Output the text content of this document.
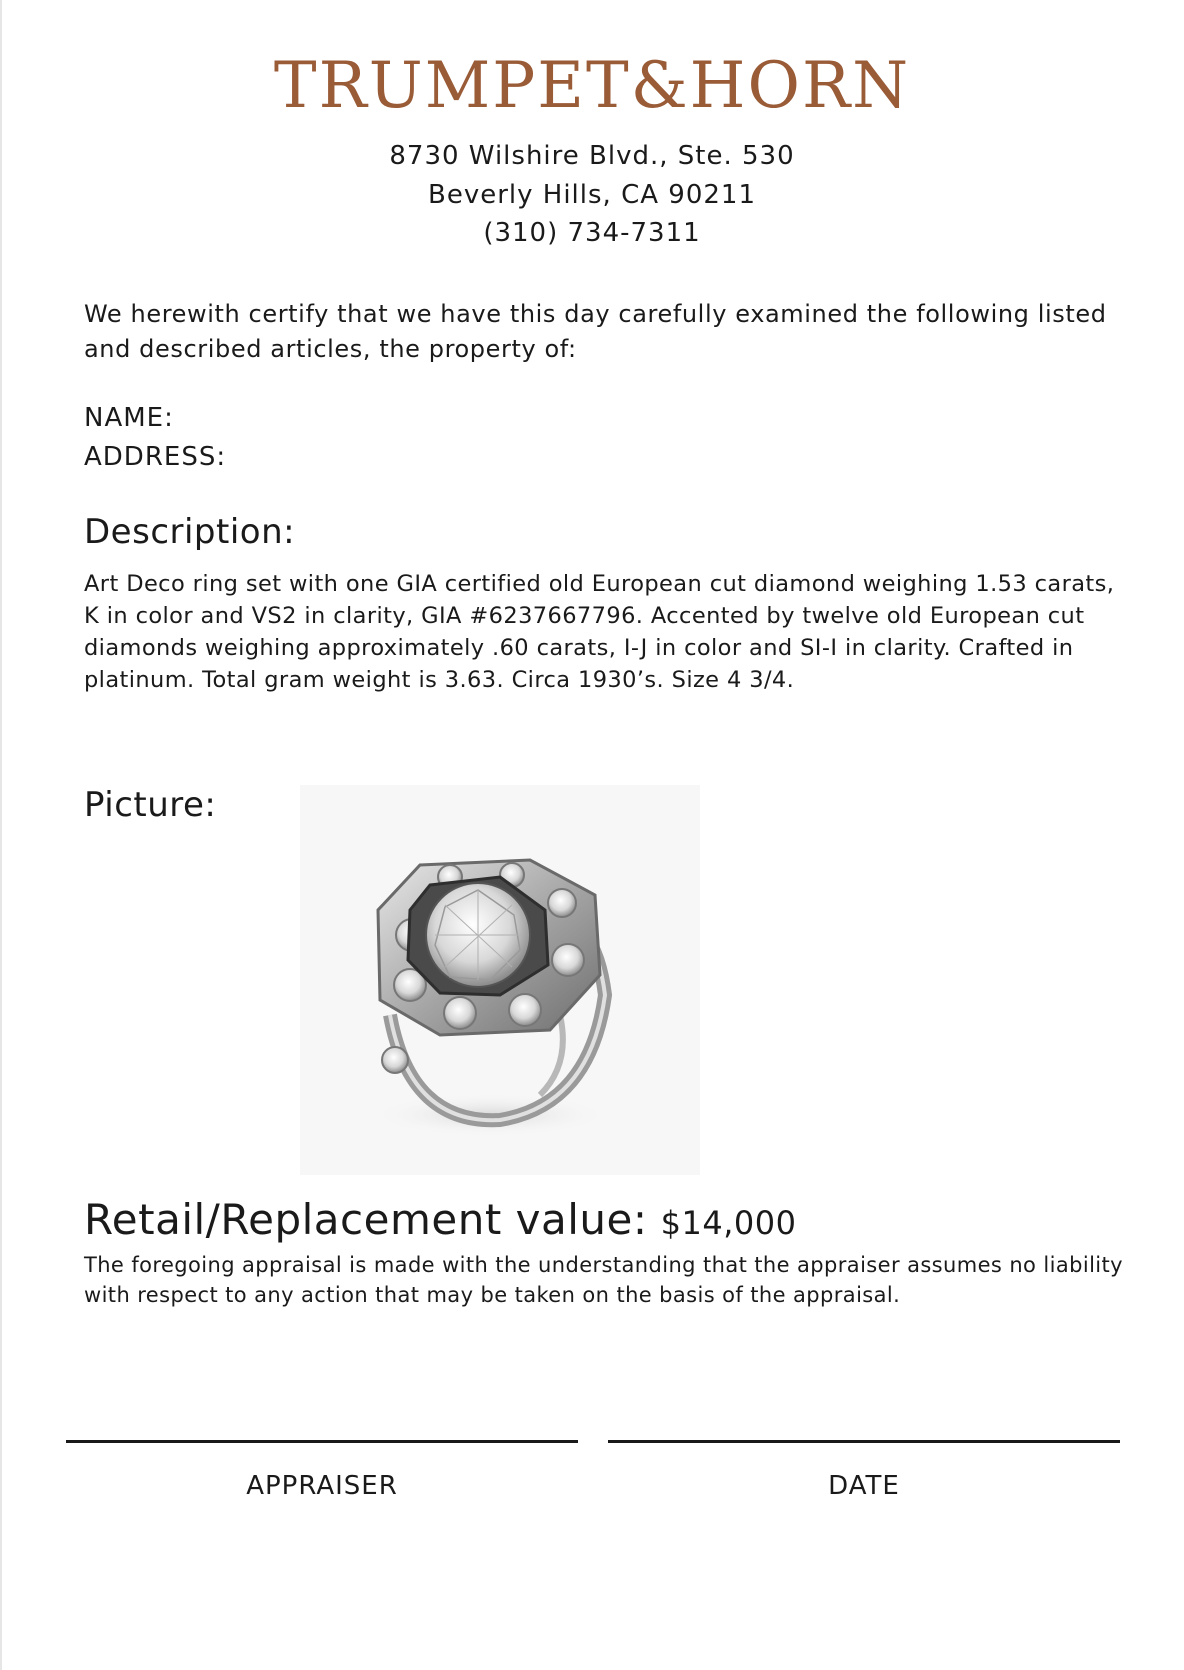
TRUMPET&HORN
8730 Wilshire Blvd., Ste. 530
Beverly Hills, CA 90211
(310) 734-7311
We herewith certify that we have this day carefully examined the following listed and described articles, the property of:
NAME:
ADDRESS:
Description:
Art Deco ring set with one GIA certified old European cut diamond weighing 1.53 carats, K in color and VS2 in clarity, GIA #6237667796. Accented by twelve old European cut diamonds weighing approximately .60 carats, I-J in color and SI-I in clarity. Crafted in platinum. Total gram weight is 3.63. Circa 1930’s. Size 4 3/4.
Picture:
Retail/Replacement value: $14,000
The foregoing appraisal is made with the understanding that the appraiser assumes no liability with respect to any action that may be taken on the basis of the appraisal.
APPRAISER	DATE
